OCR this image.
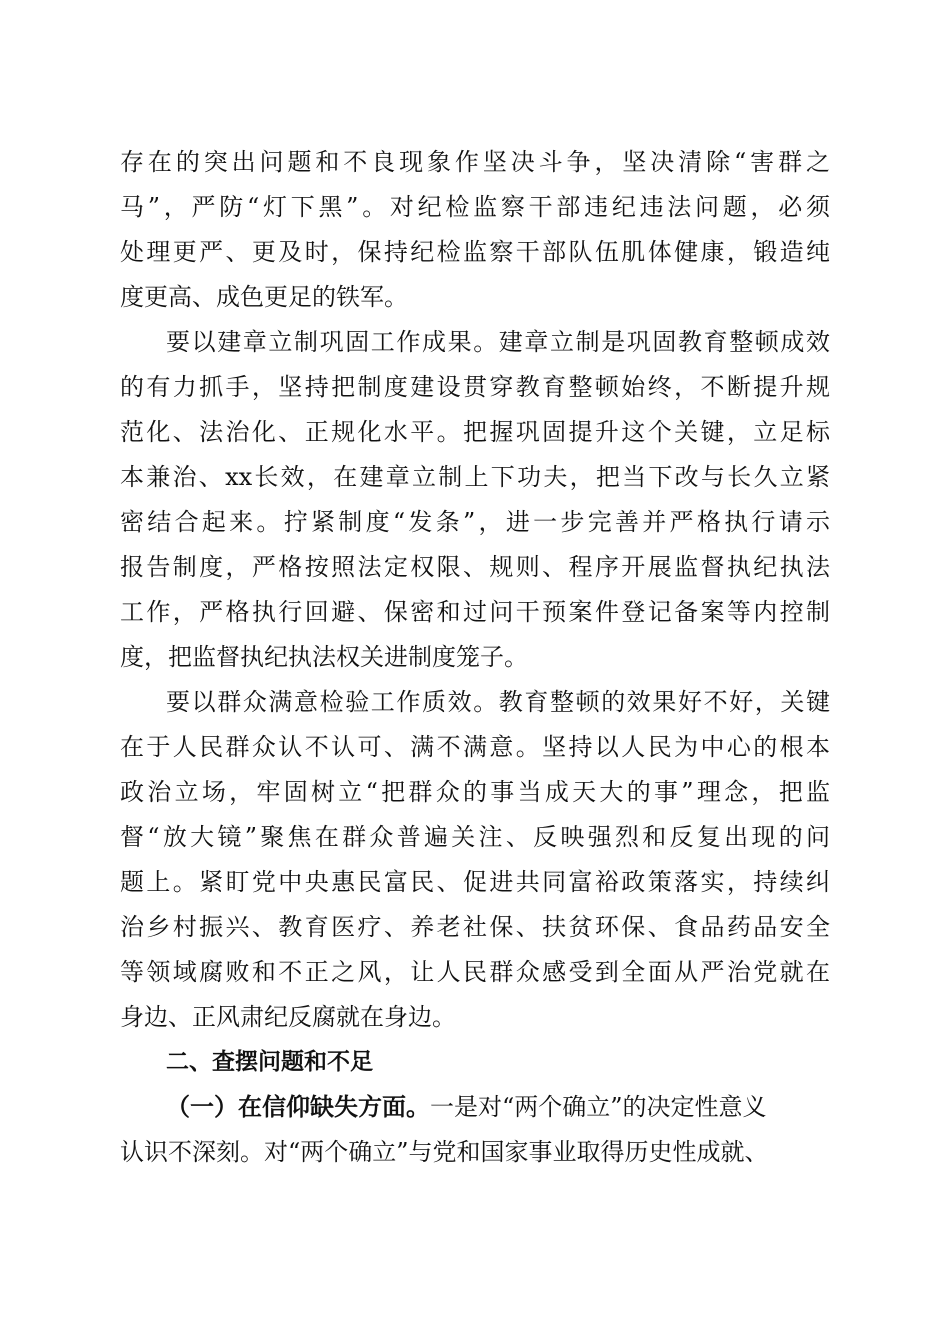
存在的突出问题和不良现象作坚决斗争，坚决清除“害群之

马”，严防“灯下黑”。对纪检监察干部违纪违法问题，必须

处理更严、更及时，保持纪检监察干部队伍肌体健康，锻造纯

度更高、成色更足的铁军。

要以建章立制巩固工作成果。建章立制是巩固教育整顿成效

的有力抓手，坚持把制度建设贯穿教育整顿始终，不断提升规

范化、法治化、正规化水平。把握巩固提升这个关键，立足标

本兼治、xx长效，在建章立制上下功夫，把当下改与长久立紧

密结合起来。拧紧制度“发条”，进一步完善并严格执行请示

报告制度，严格按照法定权限、规则、程序开展监督执纪执法

工作，严格执行回避、保密和过问干预案件登记备案等内控制

度，把监督执纪执法权关进制度笼子。

要以群众满意检验工作质效。教育整顿的效果好不好，关键

在于人民群众认不认可、满不满意。坚持以人民为中心的根本

政治立场，牢固树立“把群众的事当成天大的事”理念，把监

督“放大镜”聚焦在群众普遍关注、反映强烈和反复出现的问

题上。紧盯党中央惠民富民、促进共同富裕政策落实，持续纠

治乡村振兴、教育医疗、养老社保、扶贫环保、食品药品安全

等领域腐败和不正之风，让人民群众感受到全面从严治党就在

身边、正风肃纪反腐就在身边。

二、查摆问题和不足

（一）在信仰缺失方面。一是对“两个确立”的决定性意义

认识不深刻。对“两个确立”与党和国家事业取得历史性成就、
